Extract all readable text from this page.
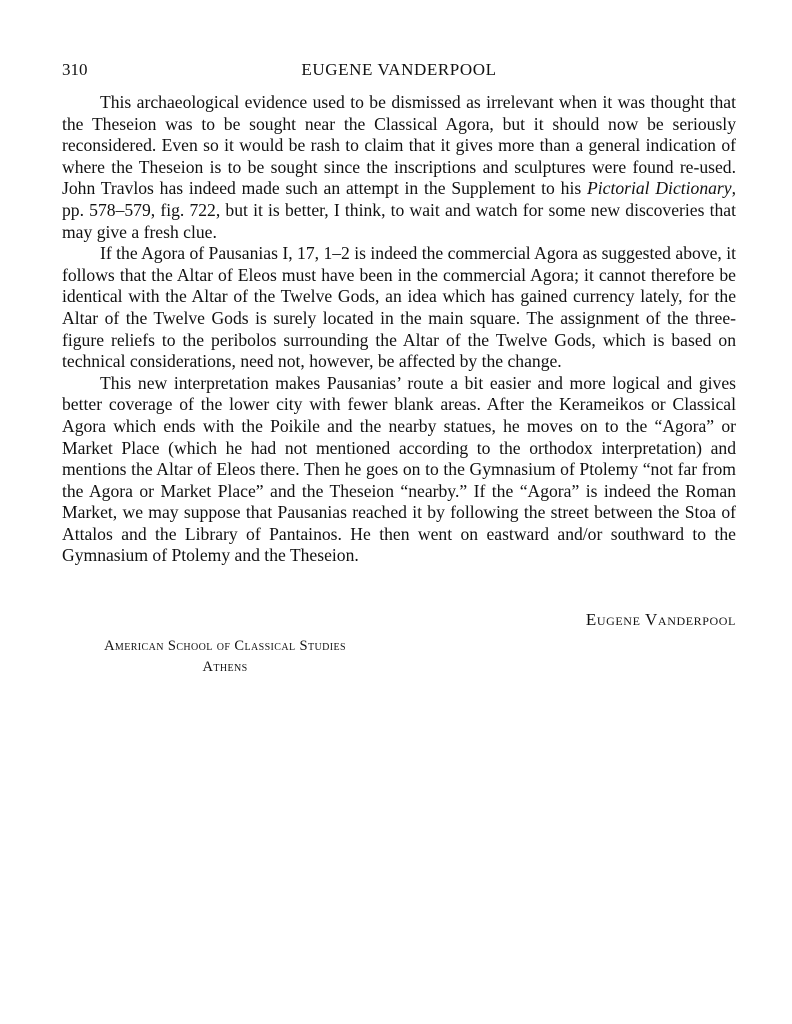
310	EUGENE VANDERPOOL

This archaeological evidence used to be dismissed as irrelevant when it was thought that the Theseion was to be sought near the Classical Agora, but it should now be seriously reconsidered. Even so it would be rash to claim that it gives more than a general indication of where the Theseion is to be sought since the inscriptions and sculptures were found re-used. John Travlos has indeed made such an attempt in the Supplement to his Pictorial Dictionary, pp. 578–579, fig. 722, but it is better, I think, to wait and watch for some new discoveries that may give a fresh clue.

If the Agora of Pausanias I, 17, 1–2 is indeed the commercial Agora as suggested above, it follows that the Altar of Eleos must have been in the commercial Agora; it cannot therefore be identical with the Altar of the Twelve Gods, an idea which has gained currency lately, for the Altar of the Twelve Gods is surely located in the main square. The assignment of the three-figure reliefs to the peribolos surrounding the Altar of the Twelve Gods, which is based on technical considerations, need not, however, be affected by the change.

This new interpretation makes Pausanias’ route a bit easier and more logical and gives better coverage of the lower city with fewer blank areas. After the Kerameikos or Classical Agora which ends with the Poikile and the nearby statues, he moves on to the “Agora” or Market Place (which he had not mentioned according to the orthodox interpretation) and mentions the Altar of Eleos there. Then he goes on to the Gymnasium of Ptolemy “not far from the Agora or Market Place” and the Theseion “nearby.” If the “Agora” is indeed the Roman Market, we may suppose that Pausanias reached it by following the street between the Stoa of Attalos and the Library of Pantainos. He then went on eastward and/or southward to the Gymnasium of Ptolemy and the Theseion.

Eugene Vanderpool
American School of Classical Studies
Athens
